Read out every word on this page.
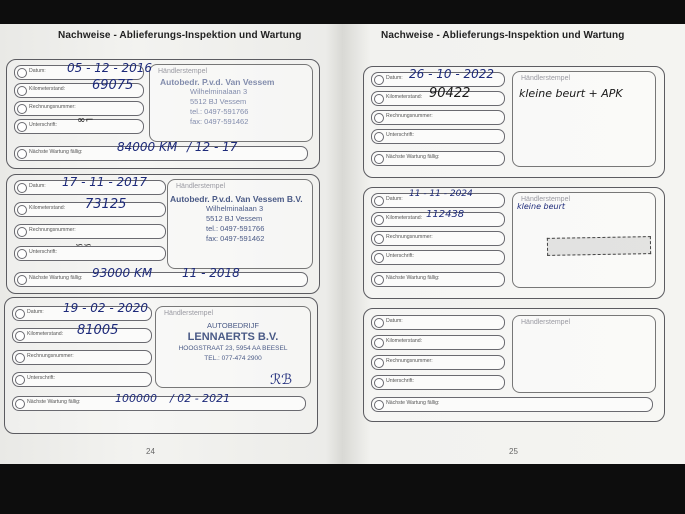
Nachweise - Ablieferungs-Inspektion und Wartung
Datum:
Kilometerstand:
Rechnungsnummer:
Unterschrift:
Nächste Wartung fällig:
Händlerstempel
Autobedr. P.v.d. Van Vessem
Wilhelminalaan 3
5512 BJ Vessem
tel.: 0497-591766
fax: 0497-591462
05 - 12 - 2016
69075
∞⌐
84000 KM / 12 - 17
Datum:
Kilometerstand:
Rechnungsnummer:
Unterschrift:
Nächste Wartung fällig:
Händlerstempel
Autobedr. P.v.d. Van Vessem B.V.
Wilhelminalaan 3
5512 BJ Vessem
tel.: 0497-591766
fax: 0497-591462
17 - 11 - 2017
73125
∽∽
93000 KM 11 - 2018
Datum:
Kilometerstand:
Rechnungsnummer:
Unterschrift:
Nächste Wartung fällig:
Händlerstempel
AUTOBEDRIJF
LENNAERTS B.V.
HOOGSTRAAT 23, 5954 AA BEESEL
TEL.: 077-474 2900
19 - 02 - 2020
81005
ℛℬ
100000 / 02 - 2021
24
Nachweise - Ablieferungs-Inspektion und Wartung
Datum:
Kilometerstand:
Rechnungsnummer:
Unterschrift:
Nächste Wartung fällig:
Händlerstempel
26 - 10 - 2022
90422	kleine beurt + APK
Datum:
Kilometerstand:
Rechnungsnummer:
Unterschrift:
Nächste Wartung fällig:
Händlerstempel
11 - 11 - 2024
112438
kleine beurt
Datum:
Kilometerstand:
Rechnungsnummer:
Unterschrift:
Nächste Wartung fällig:
Händlerstempel
25
